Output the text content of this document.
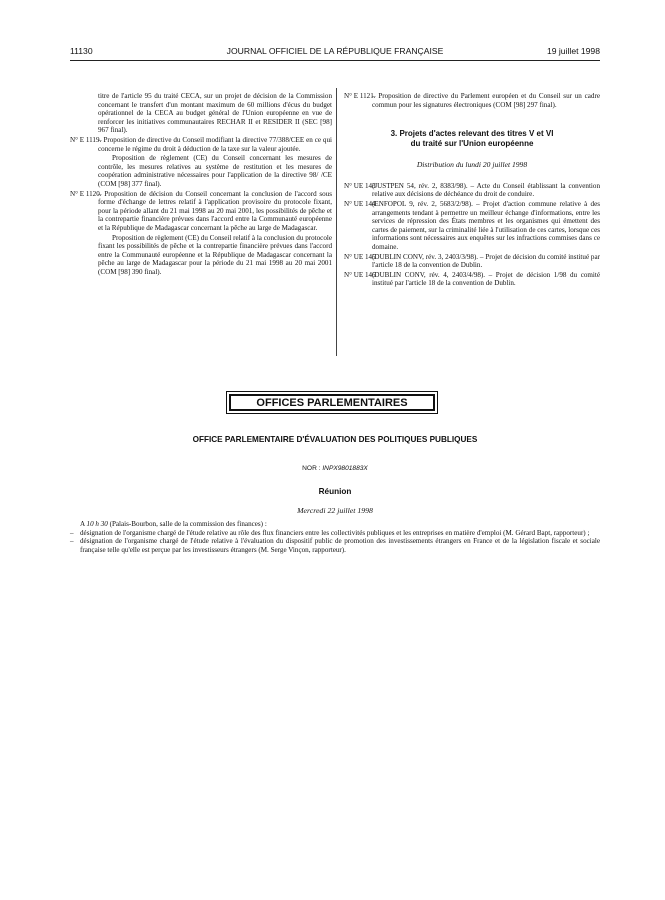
11130	JOURNAL OFFICIEL DE LA RÉPUBLIQUE FRANÇAISE	19 juillet 1998

titre de l'article 95 du traité CECA, sur un projet de décision de la Commission concernant le transfert d'un montant maximum de 60 millions d'écus du budget opérationnel de la CECA au budget général de l'Union européenne en vue de renforcer les initiatives communautaires RECHAR II et RESIDER II (SEC [98] 967 final).

N° E 1119.
– Proposition de directive du Conseil modifiant la directive 77/388/CEE en ce qui concerne le régime du droit à déduction de la taxe sur la valeur ajoutée.

Proposition de règlement (CE) du Conseil concernant les mesures de contrôle, les mesures relatives au système de restitution et les mesures de coopération administrative nécessaires pour l'application de la directive 98/ /CE (COM [98] 377 final).

N° E 1120.
– Proposition de décision du Conseil concernant la conclusion de l'accord sous forme d'échange de lettres relatif à l'application provisoire du protocole fixant, pour la période allant du 21 mai 1998 au 20 mai 2001, les possibilités de pêche et la contrepartie financière prévues dans l'accord entre la Communauté européenne et la République de Madagascar concernant la pêche au large de Madagascar.

Proposition de règlement (CE) du Conseil relatif à la conclusion du protocole fixant les possibilités de pêche et la contrepartie financière prévues dans l'accord entre la Communauté européenne et la République de Madagascar concernant la pêche au large de Madagascar pour la période du 21 mai 1998 au 20 mai 2001 (COM [98] 390 final).

N° E 1121.
– Proposition de directive du Parlement européen et du Conseil sur un cadre commun pour les signatures électroniques (COM [98] 297 final).
3. Projets d'actes relevant des titres V et VI
du traité sur l'Union européenne
Distribution du lundi 20 juillet 1998
N° UE 143
(JUSTPEN 54, rév. 2, 8383/98). – Acte du Conseil établissant la convention relative aux décisions de déchéance du droit de conduire.
N° UE 144
(ENFOPOL 9, rév. 2, 5683/2/98). – Projet d'action commune relative à des arrangements tendant à permettre un meilleur échange d'informations, entre les services de répression des États membres et les organismes qui émettent des cartes de paiement, sur la criminalité liée à l'utilisation de ces cartes, lorsque ces informations sont nécessaires aux enquêtes sur les infractions commises dans ce domaine.
N° UE 145
(DUBLIN CONV, rév. 3, 2403/3/98). – Projet de décision du comité institué par l'article 18 de la convention de Dublin.
N° UE 146
(DUBLIN CONV, rév. 4, 2403/4/98). – Projet de décision 1/98 du comité institué par l'article 18 de la convention de Dublin.
OFFICES PARLEMENTAIRES
OFFICE PARLEMENTAIRE D'ÉVALUATION DES POLITIQUES PUBLIQUES
NOR : INPX9801883X
Réunion
Mercredi 22 juillet 1998
A 10 h 30 (Palais-Bourbon, salle de la commission des finances) :
– désignation de l'organisme chargé de l'étude relative au rôle des flux financiers entre les collectivités publiques et les entreprises en matière d'emploi (M. Gérard Bapt, rapporteur) ;
– désignation de l'organisme chargé de l'étude relative à l'évaluation du dispositif public de promotion des investissements étrangers en France et de la législation fiscale et sociale française telle qu'elle est perçue par les investisseurs étrangers (M. Serge Vinçon, rapporteur).
